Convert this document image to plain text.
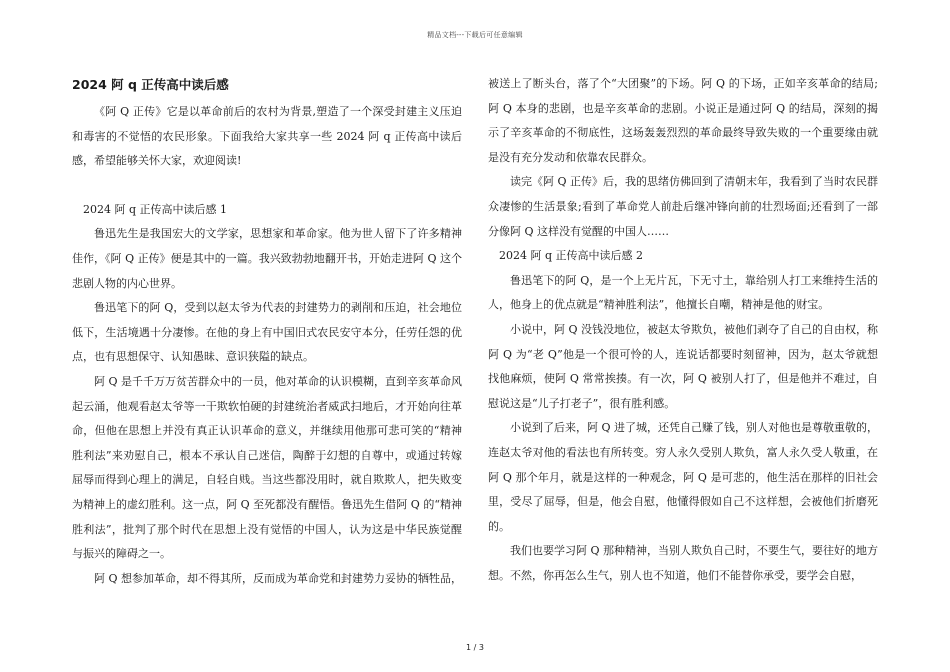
精品文档---下载后可任意编辑
2024 阿 q 正传高中读后感

《阿 Q 正传》它是以革命前后的农村为背景,塑造了一个深受封建主义压迫和毒害的不觉悟的农民形象。下面我给大家共享一些 2024 阿 q 正传高中读后感，希望能够关怀大家，欢迎阅读!

2024 阿 q 正传高中读后感 1

鲁迅先生是我国宏大的文学家，思想家和革命家。他为世人留下了许多精神佳作，《阿 Q 正传》便是其中的一篇。我兴致勃勃地翻开书，开始走进阿 Q 这个悲剧人物的内心世界。

鲁迅笔下的阿 Q，受到以赵太爷为代表的封建势力的剥削和压迫，社会地位低下，生活境遇十分凄惨。在他的身上有中国旧式农民安守本分，任劳任怨的优点，也有思想保守、认知愚昧、意识狭隘的缺点。

阿 Q 是千千万万贫苦群众中的一员，他对革命的认识模糊，直到辛亥革命风起云涌，他观看赵太爷等一干欺软怕硬的封建统治者威武扫地后，才开始向往革命，但他在思想上并没有真正认识革命的意义，并继续用他那可悲可笑的“精神胜利法”来劝慰自己，根本不承认自己迷信，陶醉于幻想的自尊中，或通过转嫁屈辱而得到心理上的满足，自轻自贱。当这些都没用时，就自欺欺人，把失败变为精神上的虚幻胜利。这一点，阿 Q 至死都没有醒悟。鲁迅先生借阿 Q 的“精神胜利法”，批判了那个时代在思想上没有觉悟的中国人，认为这是中华民族觉醒与振兴的障碍之一。

阿 Q 想参加革命，却不得其所，反而成为革命党和封建势力妥协的牺牲品，

被送上了断头台，落了个“大团聚”的下场。阿 Q 的下场，正如辛亥革命的结局;阿 Q 本身的悲剧，也是辛亥革命的悲剧。小说正是通过阿 Q 的结局，深刻的揭示了辛亥革命的不彻底性，这场轰轰烈烈的革命最终导致失败的一个重要缘由就是没有充分发动和依靠农民群众。

读完《阿 Q 正传》后，我的思绪仿佛回到了清朝末年，我看到了当时农民群众凄惨的生活景象;看到了革命党人前赴后继冲锋向前的壮烈场面;还看到了一部分像阿 Q 这样没有觉醒的中国人……

2024 阿 q 正传高中读后感 2

鲁迅笔下的阿 Q，是一个上无片瓦，下无寸土，靠给别人打工来维持生活的人，他身上的优点就是“精神胜利法”，他擅长自嘲，精神是他的财宝。

小说中，阿 Q 没钱没地位，被赵太爷欺负，被他们剥夺了自己的自由权，称阿 Q 为“老 Q”他是一个很可怜的人，连说话都要时刻留神，因为，赵太爷就想找他麻烦，使阿 Q 常常挨揍。有一次，阿 Q 被别人打了，但是他并不难过，自慰说这是“儿子打老子”，很有胜利感。

小说到了后来，阿 Q 进了城，还凭自己赚了钱，别人对他也是尊敬重敬的，连赵太爷对他的看法也有所转变。穷人永久受别人欺负，富人永久受人敬重，在阿 Q 那个年月，就是这样的一种观念，阿 Q 是可悲的，他生活在那样的旧社会里，受尽了屈辱，但是，他会自慰，他懂得假如自己不这样想，会被他们折磨死的。

我们也要学习阿 Q 那种精神，当别人欺负自己时，不要生气，要往好的地方想。不然，你再怎么生气，别人也不知道，他们不能替你承受，要学会自慰，

1 / 3
